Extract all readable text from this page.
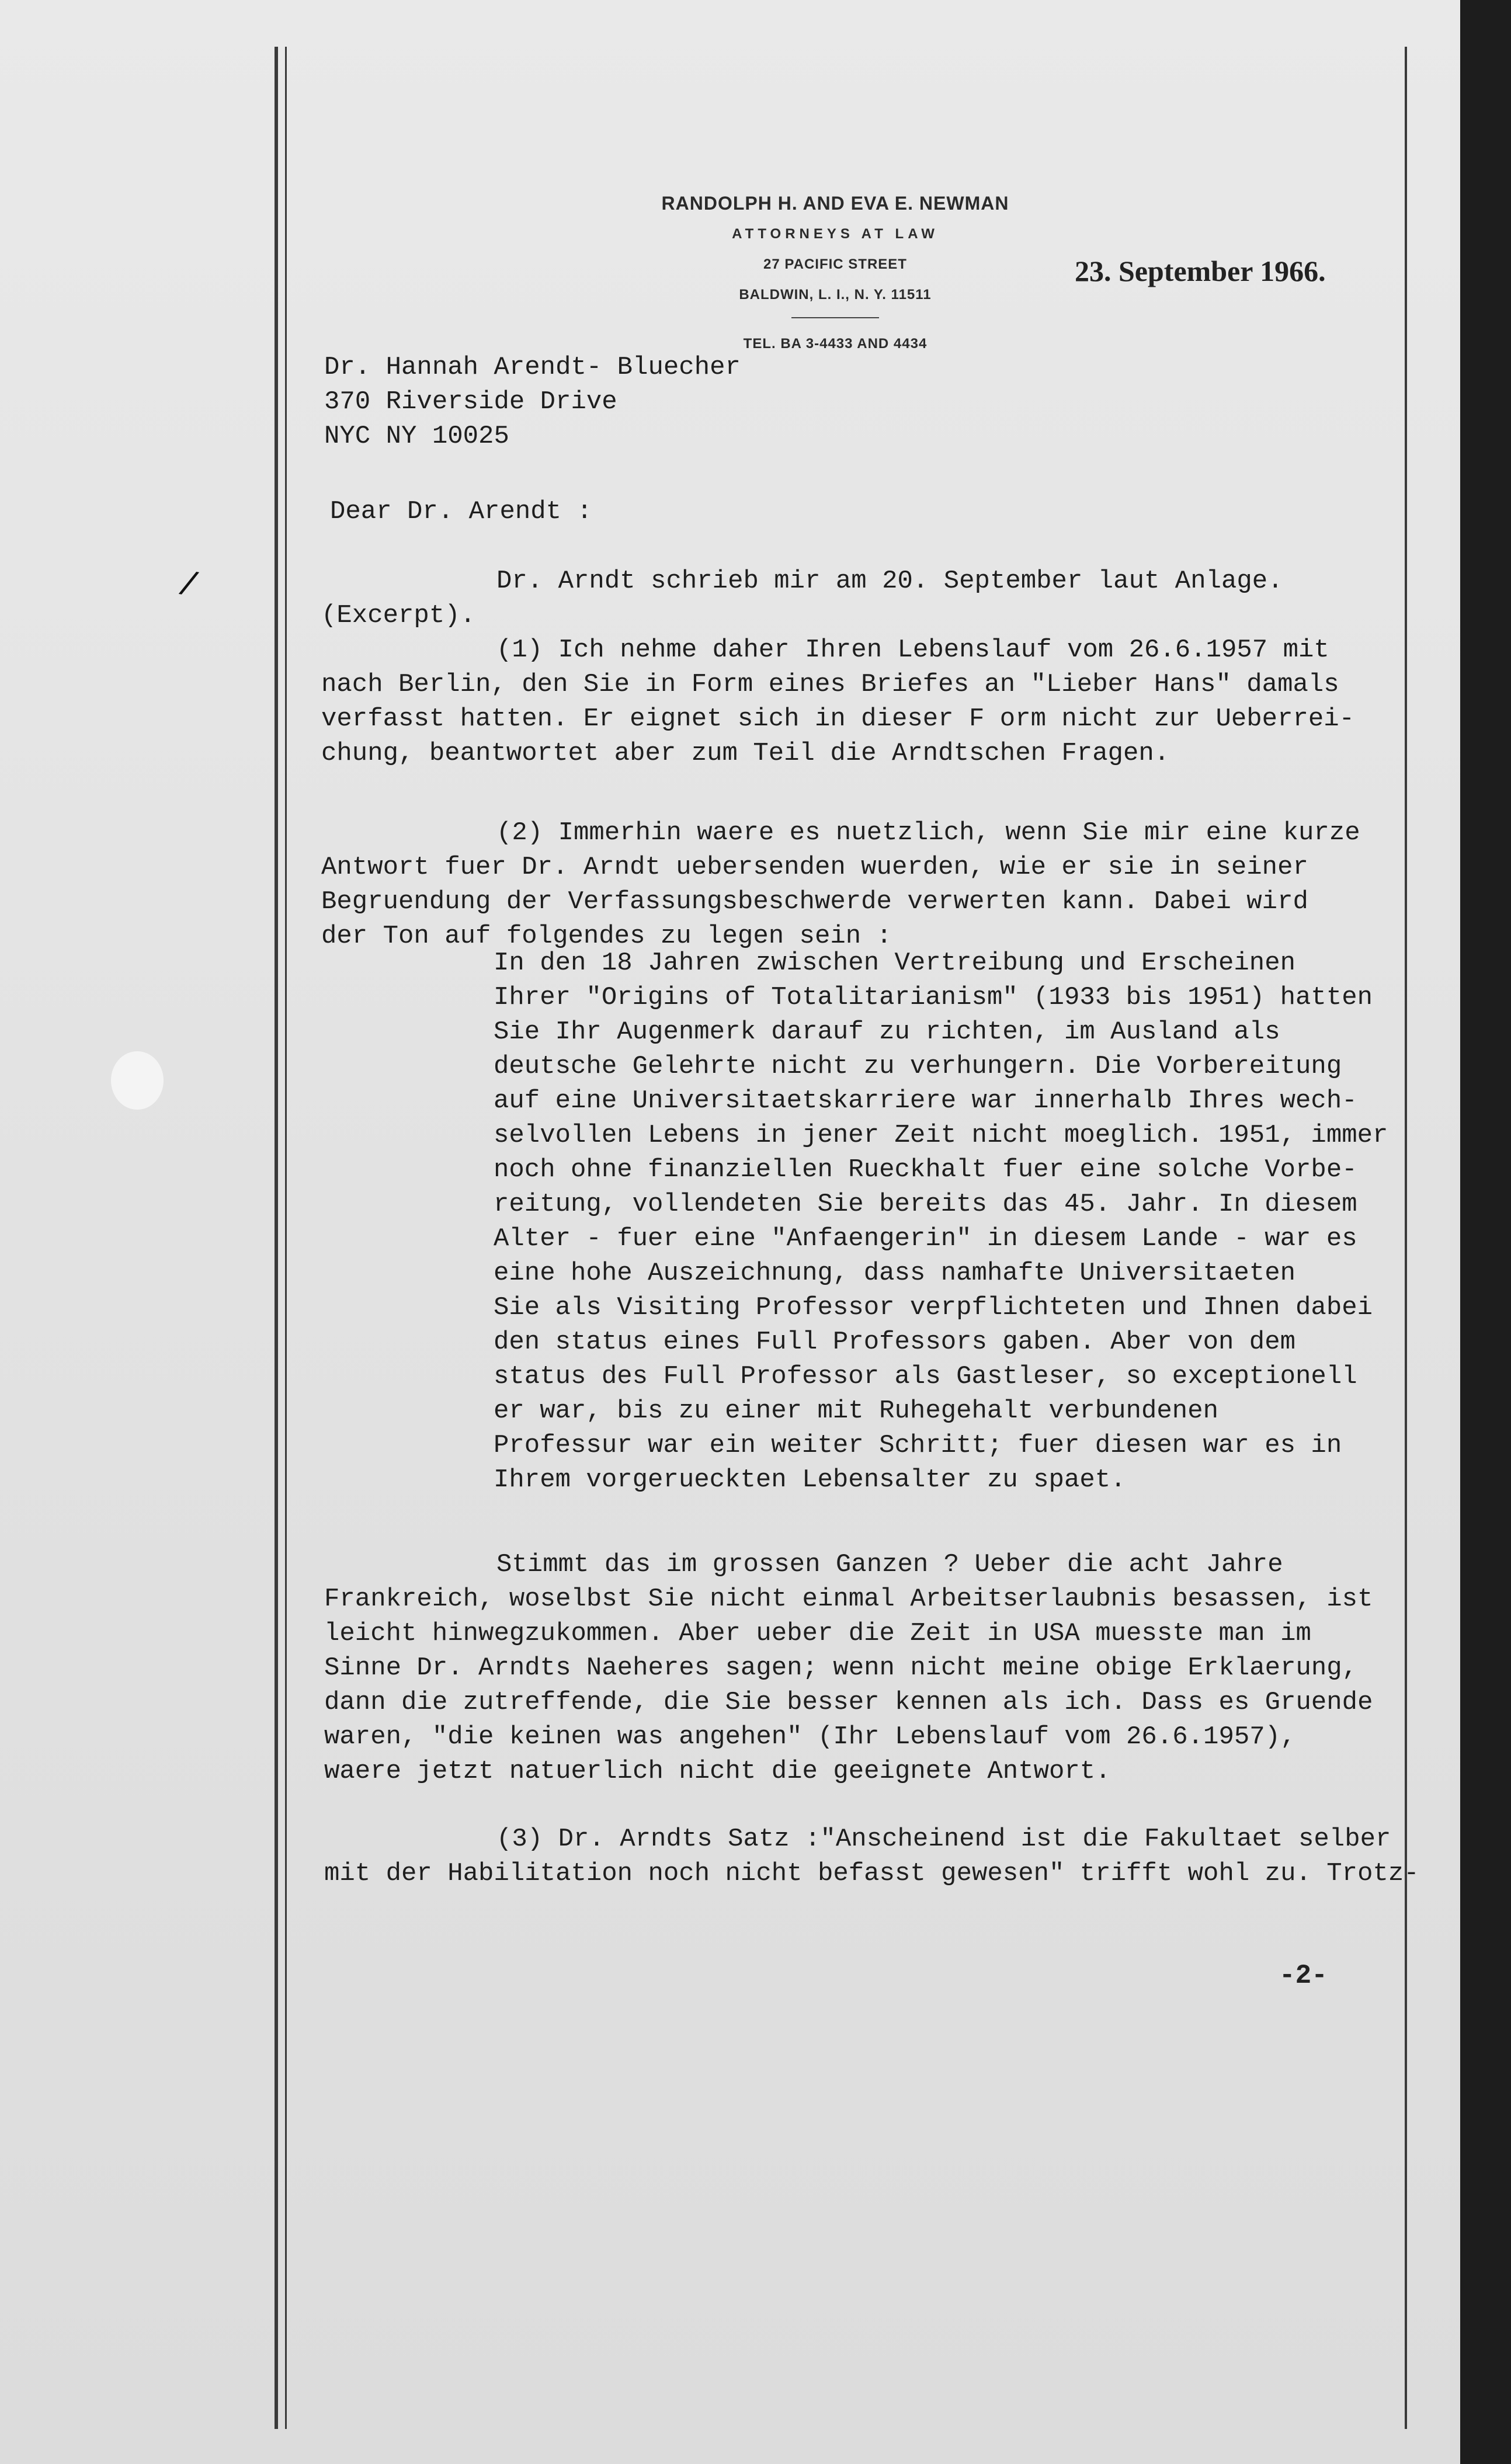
RANDOLPH H. AND EVA E. NEWMAN
ATTORNEYS AT LAW
27 PACIFIC STREET
BALDWIN, L. I., N. Y. 11511
TEL. BA 3-4433 AND 4434
23. September 1966.
Dr. Hannah Arendt- Bluecher
370 Riverside Drive
NYC NY 10025
Dear Dr. Arendt :
/	Dr. Arndt schrieb mir am 20. September laut Anlage.
(Excerpt).
(1) Ich nehme daher Ihren Lebenslauf vom 26.6.1957 mit
nach Berlin, den Sie in Form eines Briefes an "Lieber Hans" damals
verfasst hatten. Er eignet sich in dieser F orm nicht zur Ueberrei-
chung, beantwortet aber zum Teil die Arndtschen Fragen.

(2) Immerhin waere es nuetzlich, wenn Sie mir eine kurze
Antwort fuer Dr. Arndt uebersenden wuerden, wie er sie in seiner
Begruendung der Verfassungsbeschwerde verwerten kann. Dabei wird
der Ton auf folgendes zu legen sein :
In den 18 Jahren zwischen Vertreibung und Erscheinen
Ihrer "Origins of Totalitarianism" (1933 bis 1951) hatten
Sie Ihr Augenmerk darauf zu richten, im Ausland als
deutsche Gelehrte nicht zu verhungern. Die Vorbereitung
auf eine Universitaetskarriere war innerhalb Ihres wech-
selvollen Lebens in jener Zeit nicht moeglich. 1951, immer
noch ohne finanziellen Rueckhalt fuer eine solche Vorbe-
reitung, vollendeten Sie bereits das 45. Jahr. In diesem
Alter - fuer eine "Anfaengerin" in diesem Lande - war es
eine hohe Auszeichnung, dass namhafte Universitaeten
Sie als Visiting Professor verpflichteten und Ihnen dabei
den status eines Full Professors gaben. Aber von dem
status des Full Professor als Gastleser, so exceptionell
er war, bis zu einer mit Ruhegehalt verbundenen
Professur war ein weiter Schritt; fuer diesen war es in
Ihrem vorgerueckten Lebensalter zu spaet.
Stimmt das im grossen Ganzen ? Ueber die acht Jahre
Frankreich, woselbst Sie nicht einmal Arbeitserlaubnis besassen, ist
leicht hinwegzukommen. Aber ueber die Zeit in USA muesste man im
Sinne Dr. Arndts Naeheres sagen; wenn nicht meine obige Erklaerung,
dann die zutreffende, die Sie besser kennen als ich. Dass es Gruende
waren, "die keinen was angehen" (Ihr Lebenslauf vom 26.6.1957),
waere jetzt natuerlich nicht die geeignete Antwort.
(3) Dr. Arndts Satz :"Anscheinend ist die Fakultaet selber
mit der Habilitation noch nicht befasst gewesen" trifft wohl zu. Trotz-
-2-
